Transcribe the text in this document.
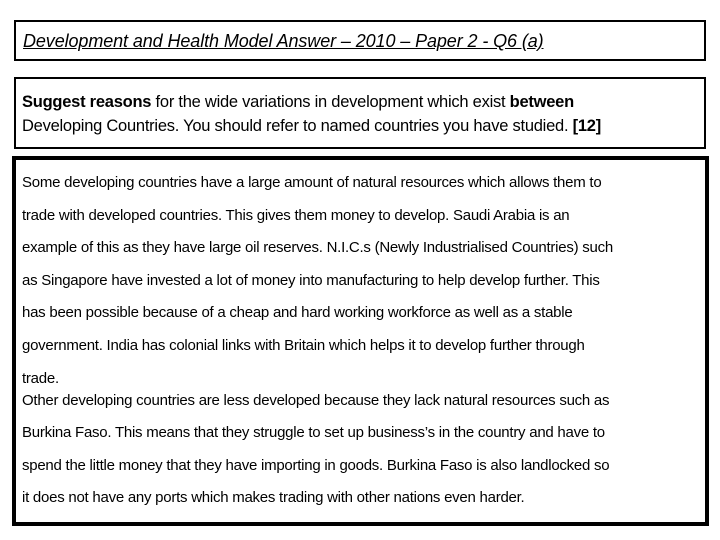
Development and Health Model Answer – 2010 – Paper 2 - Q6 (a)
Suggest reasons for the wide variations in development which exist between
Developing Countries. You should refer to named countries you have studied. [12]
Some developing countries have a large amount of natural resources which allows them to
trade with developed countries. This gives them money to develop. Saudi Arabia is an
example of this as they have large oil reserves. N.I.C.s (Newly Industrialised Countries) such
as Singapore have invested a lot of money into manufacturing to help develop further. This
has been possible because of a cheap and hard working workforce as well as a stable
government. India has colonial links with Britain which helps it to develop further through
trade.
Other developing countries are less developed because they lack natural resources such as
Burkina Faso. This means that they struggle to set up business’s in the country and have to
spend the little money that they have importing in goods. Burkina Faso is also landlocked so
it does not have any ports which makes trading with other nations even harder.
